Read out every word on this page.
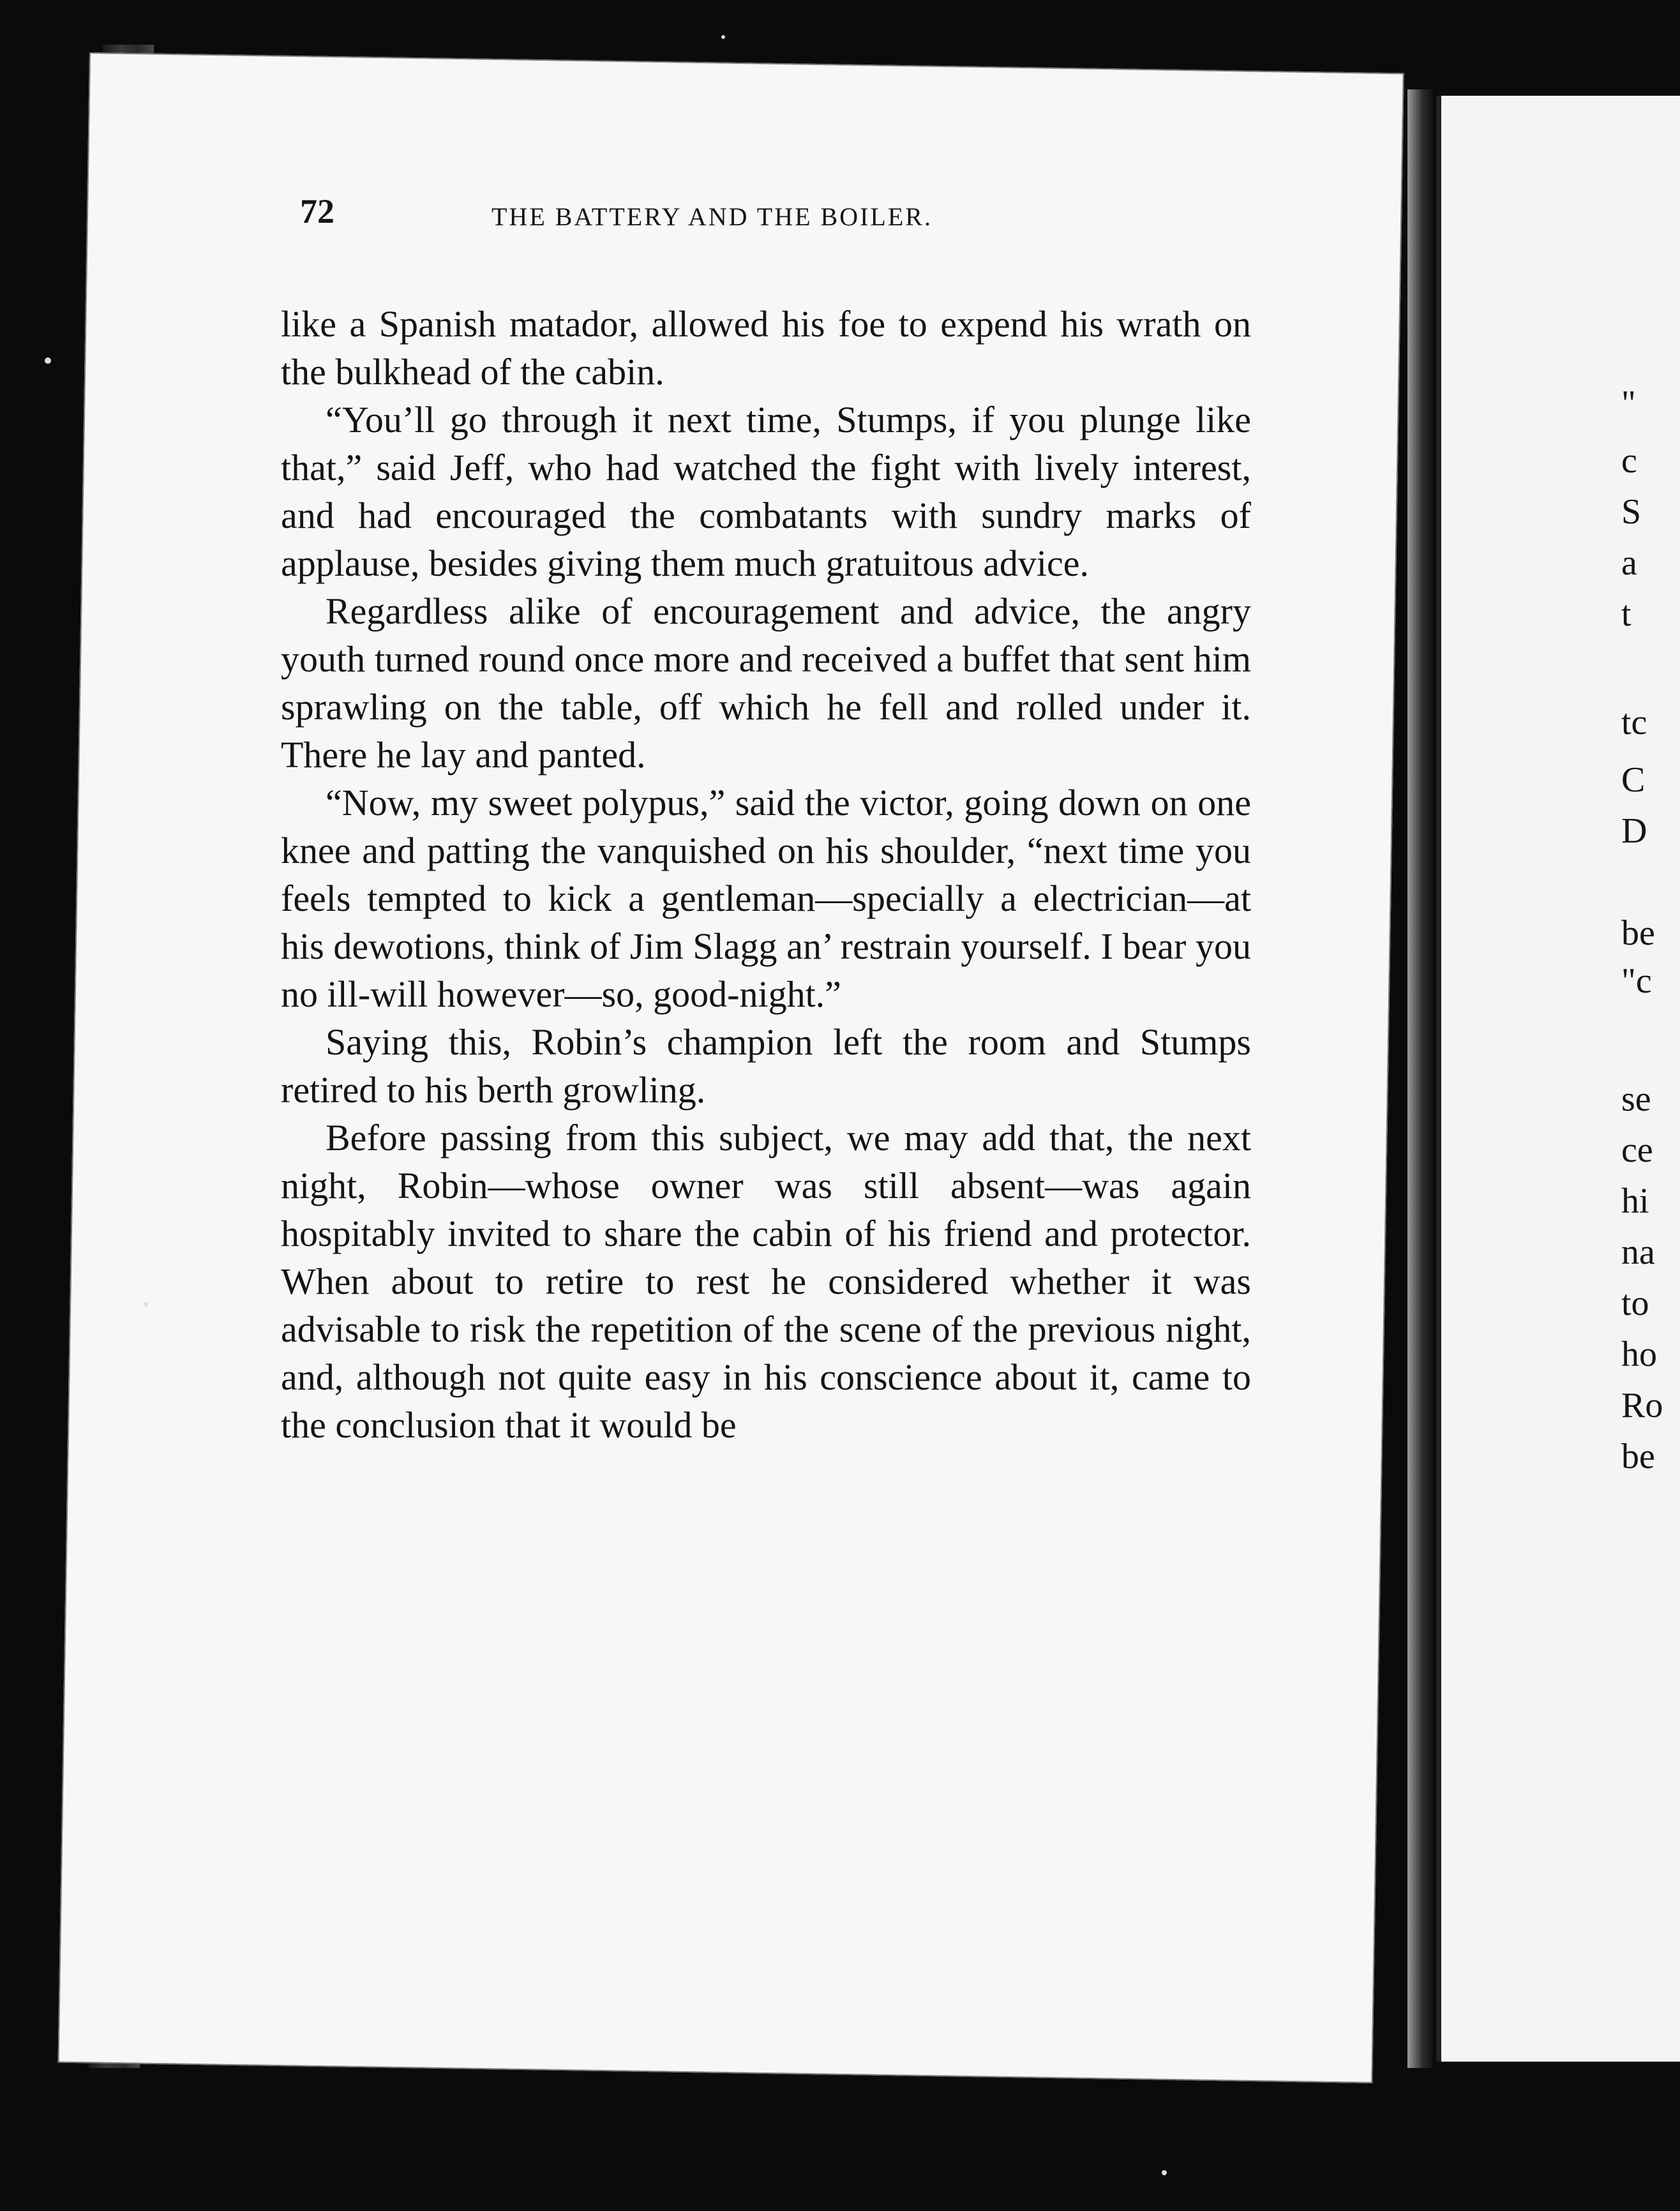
"
c
S
a
t
tc
C
D
be
"c
se
ce
hi
na
to
ho
Ro
be
72	THE BATTERY AND THE BOILER.

like a Spanish matador, allowed his foe to expend his wrath on the bulkhead of the cabin.

“You’ll go through it next time, Stumps, if you plunge like that,” said Jeff, who had watched the fight with lively interest, and had encouraged the combatants with sundry marks of applause, besides giving them much gratuitous advice.

Regardless alike of encouragement and advice, the angry youth turned round once more and received a buffet that sent him sprawling on the table, off which he fell and rolled under it. There he lay and panted.

“Now, my sweet polypus,” said the victor, going down on one knee and patting the vanquished on his shoulder, “next time you feels tempted to kick a gentleman—specially a electrician—at his dewotions, think of Jim Slagg an’ restrain yourself. I bear you no ill-will however—so, good-night.”

Saying this, Robin’s champion left the room and Stumps retired to his berth growling.

Before passing from this subject, we may add that, the next night, Robin—whose owner was still absent—was again hospitably invited to share the cabin of his friend and protector. When about to retire to rest he considered whether it was advisable to risk the repetition of the scene of the previous night, and, although not quite easy in his conscience about it, came to the conclusion that it would be
